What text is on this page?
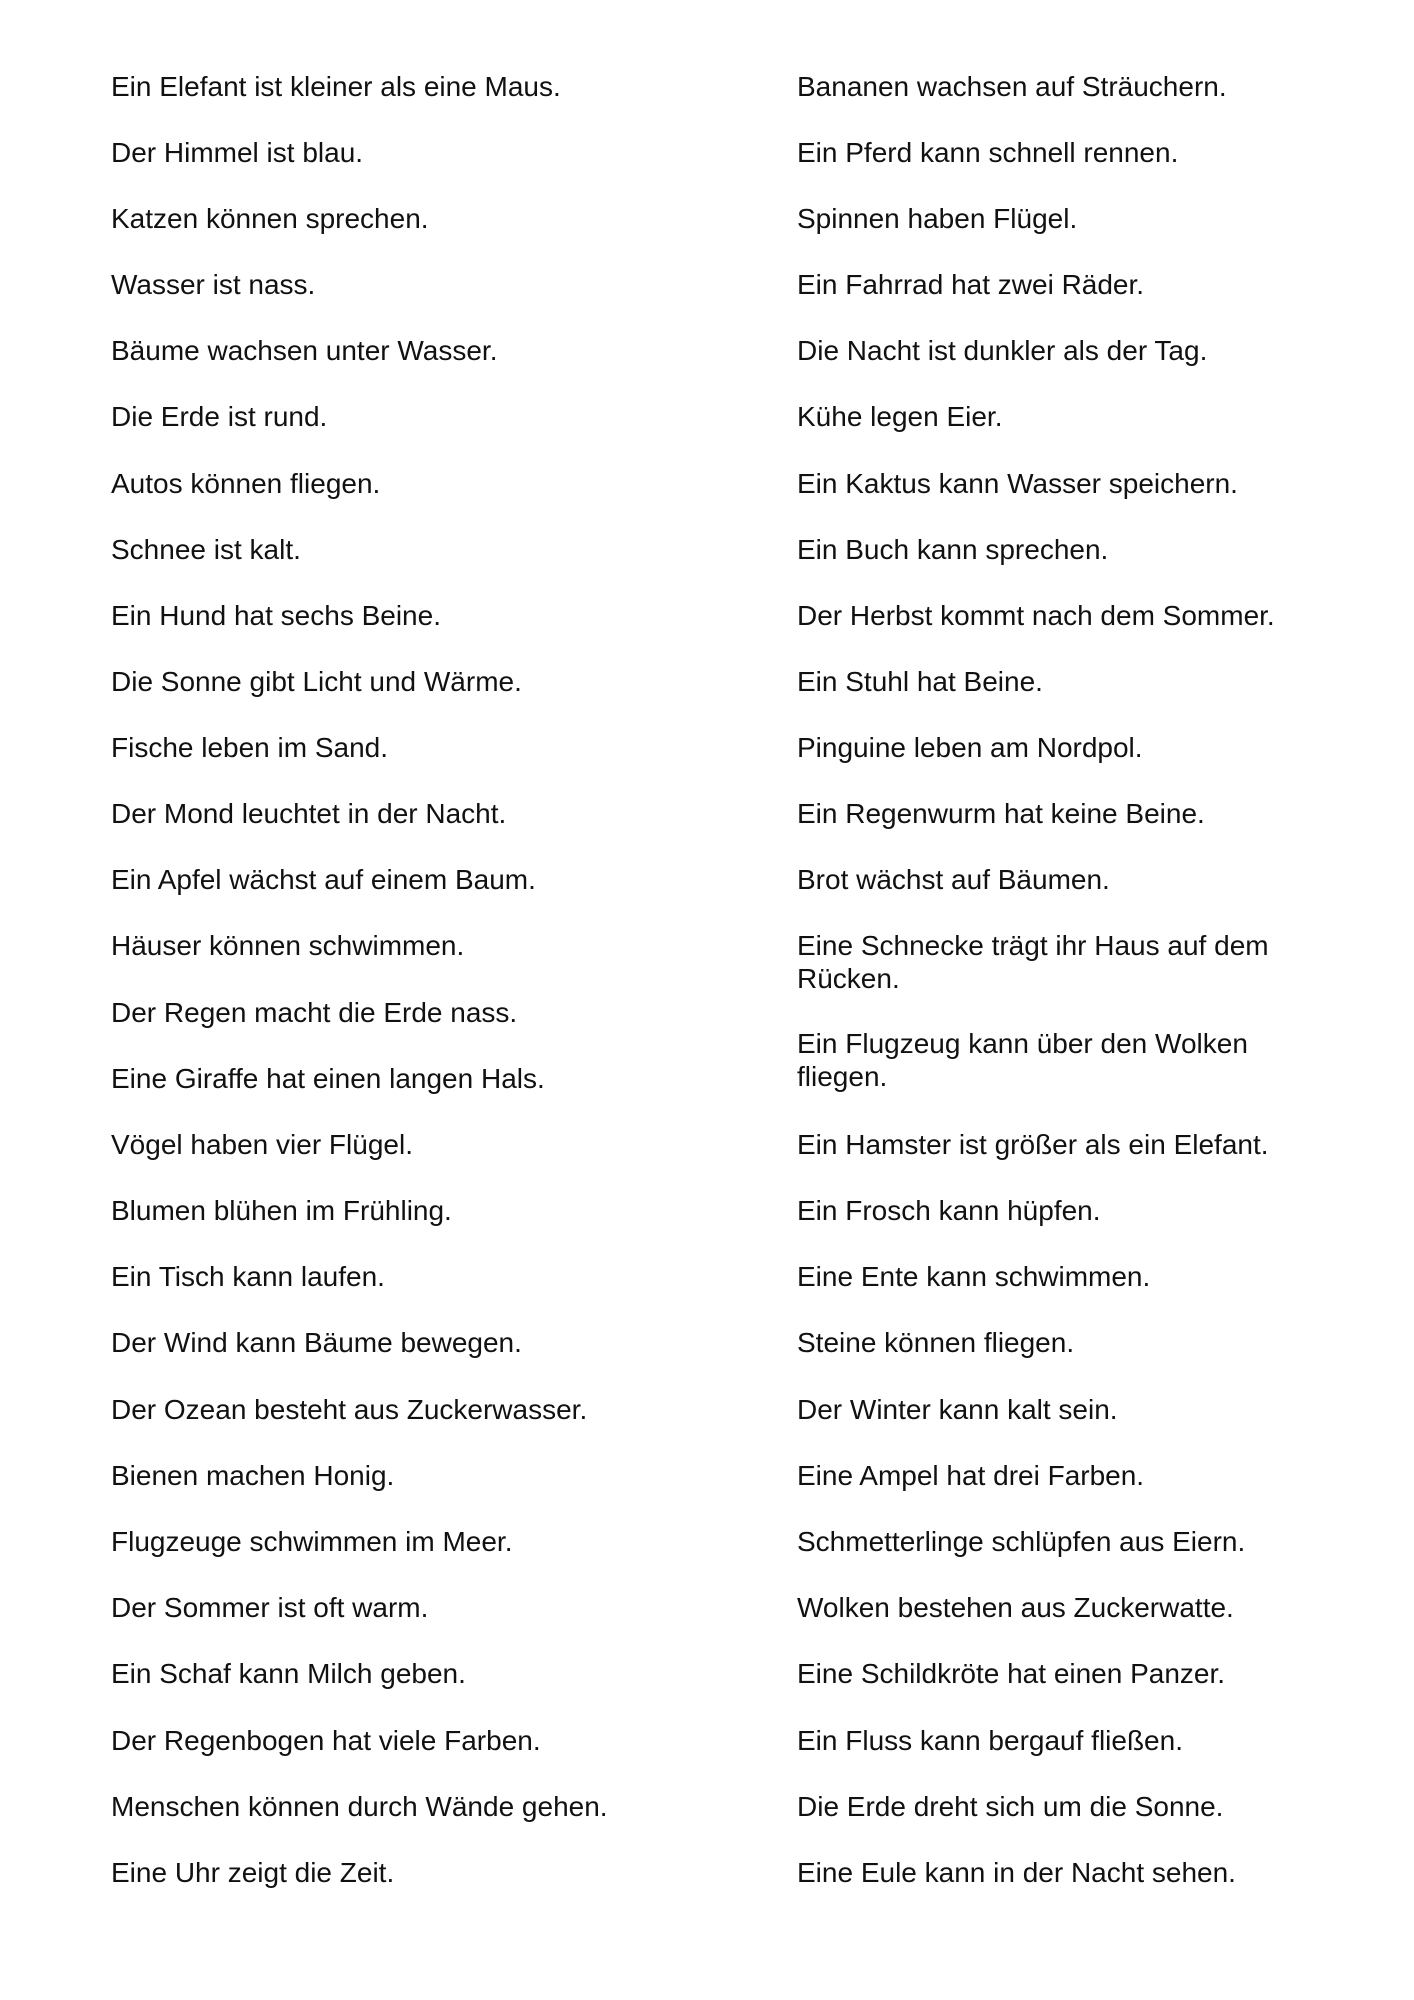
Ein Elefant ist kleiner als eine Maus.
Der Himmel ist blau.
Katzen können sprechen.
Wasser ist nass.
Bäume wachsen unter Wasser.
Die Erde ist rund.
Autos können fliegen.
Schnee ist kalt.
Ein Hund hat sechs Beine.
Die Sonne gibt Licht und Wärme.
Fische leben im Sand.
Der Mond leuchtet in der Nacht.
Ein Apfel wächst auf einem Baum.
Häuser können schwimmen.
Der Regen macht die Erde nass.
Eine Giraffe hat einen langen Hals.
Vögel haben vier Flügel.
Blumen blühen im Frühling.
Ein Tisch kann laufen.
Der Wind kann Bäume bewegen.
Der Ozean besteht aus Zuckerwasser.
Bienen machen Honig.
Flugzeuge schwimmen im Meer.
Der Sommer ist oft warm.
Ein Schaf kann Milch geben.
Der Regenbogen hat viele Farben.
Menschen können durch Wände gehen.
Eine Uhr zeigt die Zeit.
Bananen wachsen auf Sträuchern.
Ein Pferd kann schnell rennen.
Spinnen haben Flügel.
Ein Fahrrad hat zwei Räder.
Die Nacht ist dunkler als der Tag.
Kühe legen Eier.
Ein Kaktus kann Wasser speichern.
Ein Buch kann sprechen.
Der Herbst kommt nach dem Sommer.
Ein Stuhl hat Beine.
Pinguine leben am Nordpol.
Ein Regenwurm hat keine Beine.
Brot wächst auf Bäumen.
Eine Schnecke trägt ihr Haus auf dem Rücken.
Ein Flugzeug kann über den Wolken fliegen.
Ein Hamster ist größer als ein Elefant.
Ein Frosch kann hüpfen.
Eine Ente kann schwimmen.
Steine können fliegen.
Der Winter kann kalt sein.
Eine Ampel hat drei Farben.
Schmetterlinge schlüpfen aus Eiern.
Wolken bestehen aus Zuckerwatte.
Eine Schildkröte hat einen Panzer.
Ein Fluss kann bergauf fließen.
Die Erde dreht sich um die Sonne.
Eine Eule kann in der Nacht sehen.
